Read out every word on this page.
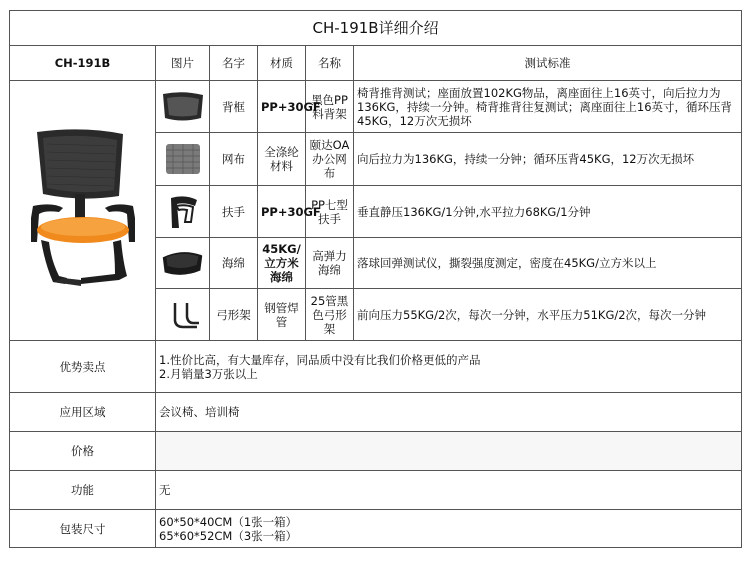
CH-191B详细介绍					
CH-191B	图片	名字	材质	名称	测试标准

	背框	PP+30GF	黑色PP料背架	椅背推背测试；座面放置102KG物品，离座面往上16英寸，向后拉力为136KG，持续一分钟。椅背推背往复测试；离座面往上16英寸，循环压背45KG，12万次无损坏

	网布	全涤纶材料	颐达OA办公网布	向后拉力为136KG，持续一分钟；循环压背45KG，12万次无损坏

	扶手	PP+30GF	PP七型扶手	垂直静压136KG/1分钟,水平拉力68KG/1分钟

	海绵	45KG/立方米海绵	高弹力海绵	落球回弹测试仪，撕裂强度测定，密度在45KG/立方米以上

	弓形架	钢管焊管	25管黑色弓形架	前向压力55KG/2次，每次一分钟，水平压力51KG/2次，每次一分钟
优势卖点	1.性价比高，有大量库存，同品质中没有比我们价格更低的产品
2.月销量3万张以上				

应用区域	会议椅、培训椅				
价格					
功能	无				
包装尺寸	60*50*40CM（1张一箱）
65*60*52CM（3张一箱）				
